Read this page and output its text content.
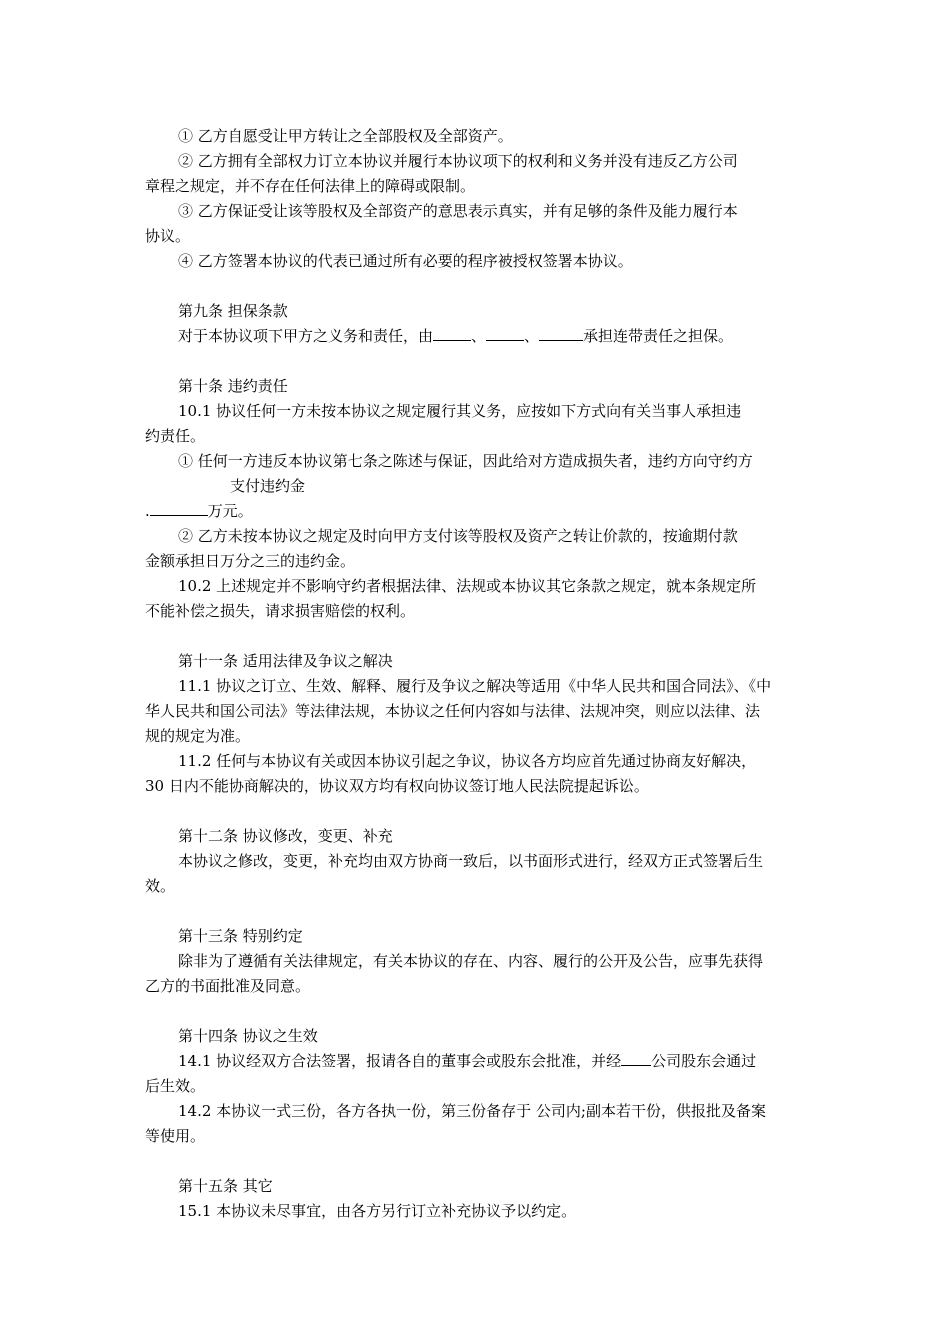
① 乙方自愿受让甲方转让之全部股权及全部资产。
② 乙方拥有全部权力订立本协议并履行本协议项下的权利和义务并没有违反乙方公司
章程之规定，并不存在任何法律上的障碍或限制。
③ 乙方保证受让该等股权及全部资产的意思表示真实，并有足够的条件及能力履行本
协议。
④ 乙方签署本协议的代表已通过所有必要的程序被授权签署本协议。
第九条 担保条款
对于本协议项下甲方之义务和责任，由	、	、	承担连带责任之担保。
第十条 违约责任
10.1 协议任何一方未按本协议之规定履行其义务，应按如下方式向有关当事人承担违
约责任。
① 任何一方违反本协议第七条之陈述与保证，因此给对方造成损失者，违约方向守约方
支付违约金
.	万元。
② 乙方未按本协议之规定及时向甲方支付该等股权及资产之转让价款的，按逾期付款
金额承担日万分之三的违约金。
10.2 上述规定并不影响守约者根据法律、法规或本协议其它条款之规定，就本条规定所
不能补偿之损失，请求损害赔偿的权利。
第十一条 适用法律及争议之解决
11.1 协议之订立、生效、解释、履行及争议之解决等适用《中华人民共和国合同法》、《中
华人民共和国公司法》等法律法规，本协议之任何内容如与法律、法规冲突，则应以法律、法
规的规定为准。
11.2 任何与本协议有关或因本协议引起之争议，协议各方均应首先通过协商友好解决，
30 日内不能协商解决的，协议双方均有权向协议签订地人民法院提起诉讼。
第十二条 协议修改，变更、补充
本协议之修改，变更，补充均由双方协商一致后，以书面形式进行，经双方正式签署后生
效。
第十三条 特别约定
除非为了遵循有关法律规定，有关本协议的存在、内容、履行的公开及公告，应事先获得
乙方的书面批准及同意。
第十四条 协议之生效
14.1 协议经双方合法签署，报请各自的董事会或股东会批准，并经 公司股东会通过
后生效。
14.2 本协议一式三份，各方各执一份，第三份备存于 公司内;副本若干份，供报批及备案
等使用。
第十五条 其它
15.1 本协议未尽事宜，由各方另行订立补充协议予以约定。
